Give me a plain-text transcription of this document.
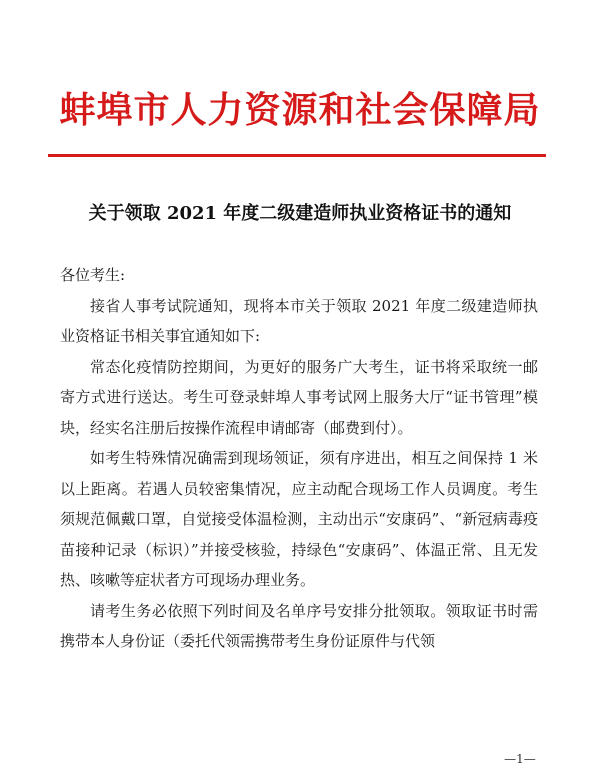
蚌埠市人力资源和社会保障局
关于领取 2021 年度二级建造师执业资格证书的通知

各位考生:

接省人事考试院通知，现将本市关于领取 2021 年度二级建造师执业资格证书相关事宜通知如下:

常态化疫情防控期间，为更好的服务广大考生，证书将采取统一邮寄方式进行送达。考生可登录蚌埠人事考试网上服务大厅“证书管理”模块，经实名注册后按操作流程申请邮寄（邮费到付）。

如考生特殊情况确需到现场领证，须有序进出，相互之间保持 1 米以上距离。若遇人员较密集情况，应主动配合现场工作人员调度。考生须规范佩戴口罩，自觉接受体温检测，主动出示“安康码”、“新冠病毒疫苗接种记录（标识）”并接受核验，持绿色“安康码”、体温正常、且无发热、咳嗽等症状者方可现场办理业务。

请考生务必依照下列时间及名单序号安排分批领取。领取证书时需携带本人身份证（委托代领需携带考生身份证原件与代领

—1—
